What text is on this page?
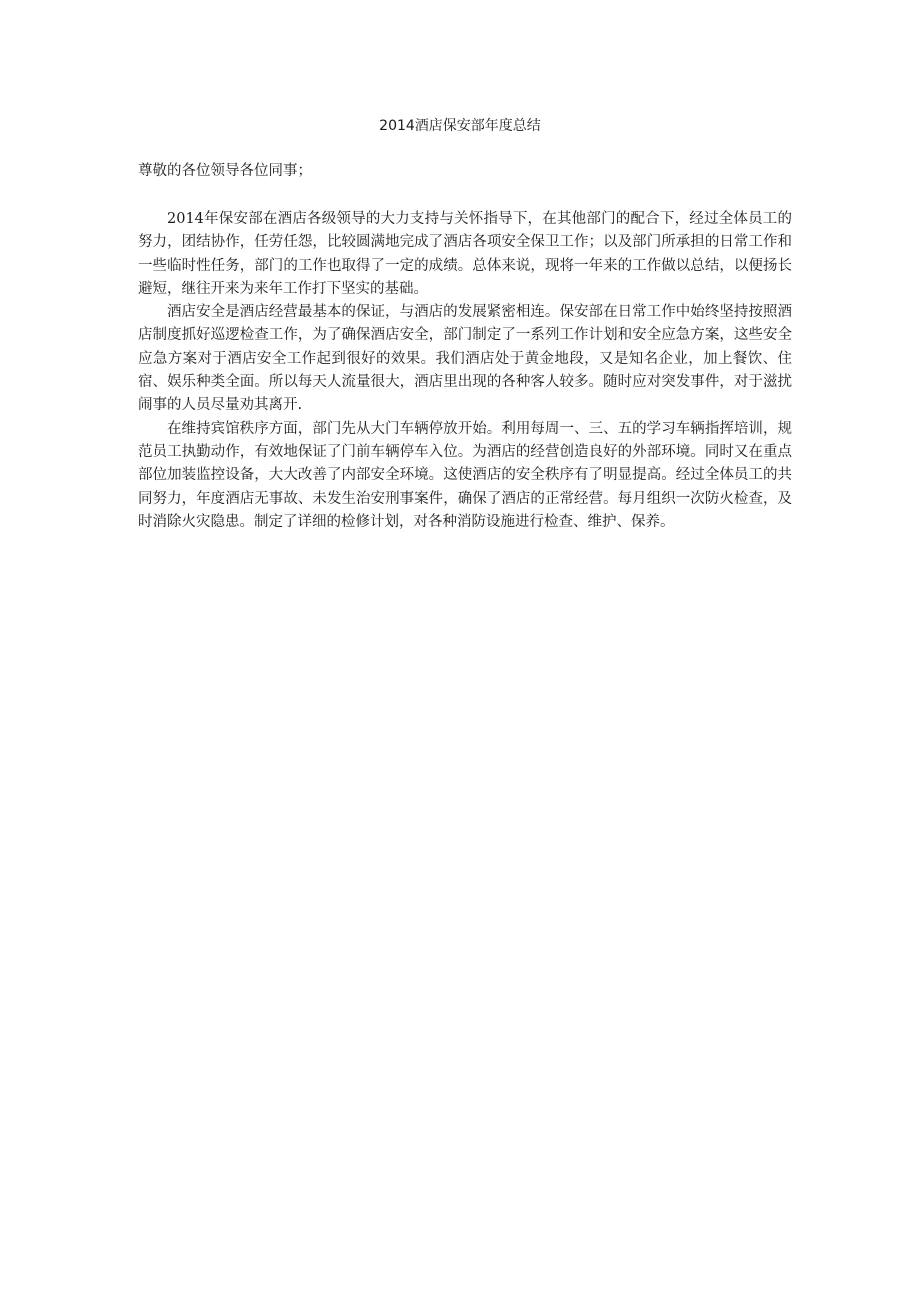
2014酒店保安部年度总结

尊敬的各位领导各位同事；

2014年保安部在酒店各级领导的大力支持与关怀指导下，在其他部门的配合下，经过全体员工的努力，团结协作，任劳任怨，比较圆满地完成了酒店各项安全保卫工作；以及部门所承担的日常工作和一些临时性任务，部门的工作也取得了一定的成绩。总体来说，现将一年来的工作做以总结，以便扬长避短，继往开来为来年工作打下坚实的基础。

酒店安全是酒店经营最基本的保证，与酒店的发展紧密相连。保安部在日常工作中始终坚持按照酒店制度抓好巡逻检查工作，为了确保酒店安全，部门制定了一系列工作计划和安全应急方案，这些安全应急方案对于酒店安全工作起到很好的效果。我们酒店处于黄金地段，又是知名企业，加上餐饮、住宿、娱乐种类全面。所以每天人流量很大，酒店里出现的各种客人较多。随时应对突发事件，对于滋扰闹事的人员尽量劝其离开.

在维持宾馆秩序方面，部门先从大门车辆停放开始。利用每周一、三、五的学习车辆指挥培训，规范员工执勤动作，有效地保证了门前车辆停车入位。为酒店的经营创造良好的外部环境。同时又在重点部位加装监控设备，大大改善了内部安全环境。这使酒店的安全秩序有了明显提高。经过全体员工的共同努力，年度酒店无事故、未发生治安刑事案件，确保了酒店的正常经营。每月组织一次防火检查，及时消除火灾隐患。制定了详细的检修计划，对各种消防设施进行检查、维护、保养。
